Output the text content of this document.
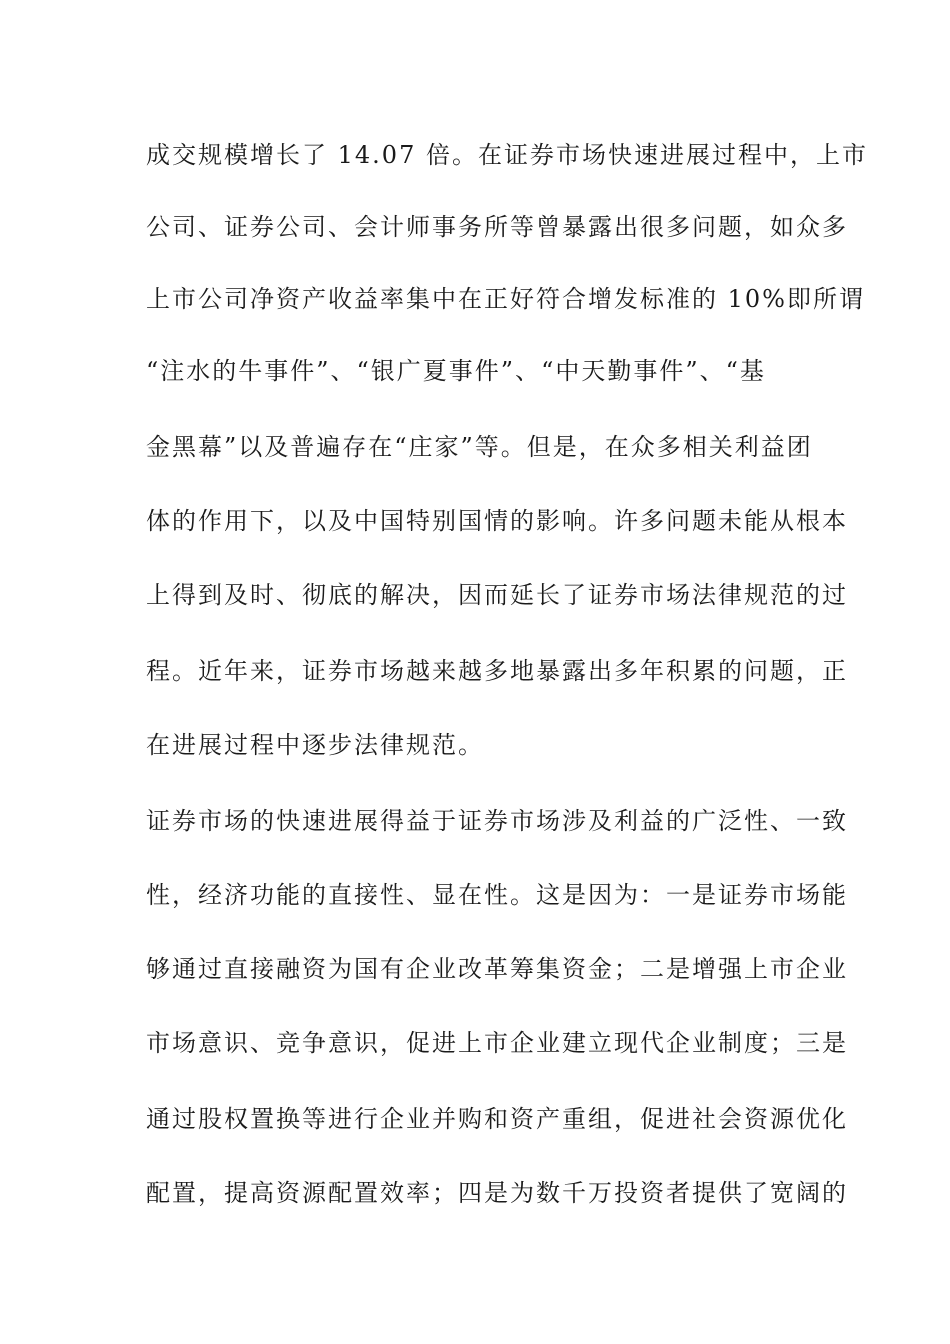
成交规模增长了 14.07 倍。在证券市场快速进展过程中，上市
公司、证券公司、会计师事务所等曾暴露出很多问题，如众多
上市公司净资产收益率集中在正好符合增发标准的 10%即所谓
“注水的牛事件”、“银广夏事件”、“中天勤事件”、“基
金黑幕”以及普遍存在“庄家”等。但是，在众多相关利益团
体的作用下，以及中国特别国情的影响。许多问题未能从根本
上得到及时、彻底的解决，因而延长了证券市场法律规范的过
程。近年来，证券市场越来越多地暴露出多年积累的问题，正
在进展过程中逐步法律规范。
证券市场的快速进展得益于证券市场涉及利益的广泛性、一致
性，经济功能的直接性、显在性。这是因为：一是证券市场能
够通过直接融资为国有企业改革筹集资金；二是增强上市企业
市场意识、竞争意识，促进上市企业建立现代企业制度；三是
通过股权置换等进行企业并购和资产重组，促进社会资源优化
配置，提高资源配置效率；四是为数千万投资者提供了宽阔的
